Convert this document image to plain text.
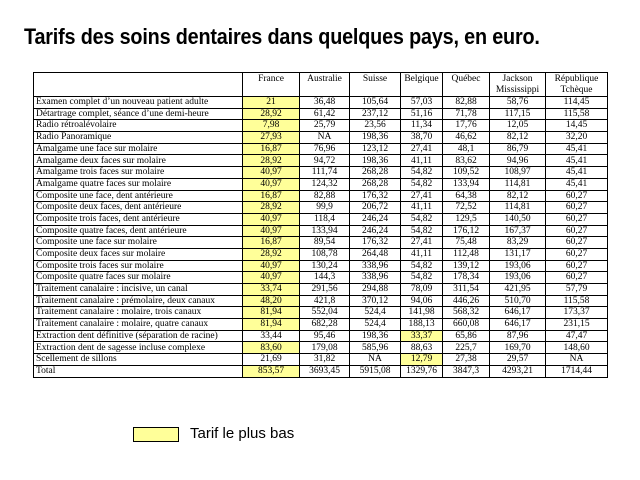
Tarifs des soins dentaires dans quelques pays, en euro.
	France	Australie	Suisse	Belgique	Québec	Jackson Mississippi	République Tchèque
Examen complet d’un nouveau patient adulte	21	36,48	105,64	57,03	82,88	58,76	114,45
Détartrage complet, séance d’une demi-heure	28,92	61,42	237,12	51,16	71,78	117,15	115,58
Radio rétroalévolaire	7,98	25,79	23,56	11,34	17,76	12,05	14,45
Radio Panoramique	27,93	NA	198,36	38,70	46,62	82,12	32,20
Amalgame une face sur molaire	16,87	76,96	123,12	27,41	48,1	86,79	45,41
Amalgame deux faces sur molaire	28,92	94,72	198,36	41,11	83,62	94,96	45,41
Amalgame trois faces sur molaire	40,97	111,74	268,28	54,82	109,52	108,97	45,41
Amalgame quatre faces sur molaire	40,97	124,32	268,28	54,82	133,94	114,81	45,41
Composite une face, dent antérieure	16,87	82,88	176,32	27,41	64,38	82,12	60,27
Composite deux faces, dent antérieure	28,92	99,9	206,72	41,11	72,52	114,81	60,27
Composite trois faces, dent antérieure	40,97	118,4	246,24	54,82	129,5	140,50	60,27
Composite quatre faces, dent antérieure	40,97	133,94	246,24	54,82	176,12	167,37	60,27
Composite une face sur molaire	16,87	89,54	176,32	27,41	75,48	83,29	60,27
Composite deux faces sur molaire	28,92	108,78	264,48	41,11	112,48	131,17	60,27
Composite trois faces sur molaire	40,97	130,24	338,96	54,82	139,12	193,06	60,27
Composite quatre faces sur molaire	40,97	144,3	338,96	54,82	178,34	193,06	60,27
Traitement canalaire : incisive, un canal	33,74	291,56	294,88	78,09	311,54	421,95	57,79
Traitement canalaire : prémolaire, deux canaux	48,20	421,8	370,12	94,06	446,26	510,70	115,58
Traitement canalaire : molaire, trois canaux	81,94	552,04	524,4	141,98	568,32	646,17	173,37
Traitement canalaire : molaire, quatre canaux	81,94	682,28	524,4	188,13	660,08	646,17	231,15
Extraction dent définitive (séparation de racine)	33,44	95,46	198,36	33,37	65,86	87,96	47,47
Extraction dent de sagesse incluse complexe	83,60	179,08	585,96	88,63	225,7	169,70	148,60
Scellement de sillons	21,69	31,82	NA	12,79	27,38	29,57	NA
Total	853,57	3693,45	5915,08	1329,76	3847,3	4293,21	1714,44
Tarif le plus bas
